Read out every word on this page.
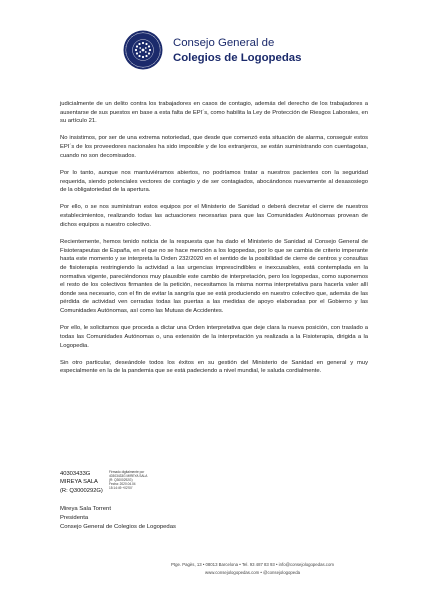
Consejo General de
Colegios de Logopedas

judicialmente de un delito contra los trabajadores en casos de contagio, además del derecho de los trabajadores a ausentarse de sus puestos en base a esta falta de EPI´s, como habilita la Ley de Protección de Riesgos Laborales, en su artículo 21.

No insistimos, por ser de una extrema notoriedad, que desde que comenzó esta situación de alarma, conseguir estos EPI´s de los proveedores nacionales ha sido imposible y de los extranjeros, se están suministrando con cuentagotas, cuando no son decomisados.

Por lo tanto, aunque nos mantuviéramos abiertos, no podríamos tratar a nuestros pacientes con la seguridad requerida, siendo potenciales vectores de contagio y de ser contagiados, abocándonos nuevamente al desasosiego de la obligatoriedad de la apertura.

Por ello, o se nos suministran estos equipos por el Ministerio de Sanidad o deberá decretar el cierre de nuestros establecimientos, realizando todas las actuaciones necesarias para que las Comunidades Autónomas provean de dichos equipos a nuestro colectivo.

Recientemente, hemos tenido noticia de la respuesta que ha dado el Ministerio de Sanidad al Consejo General de Fisioterapeutas de España, en el que no se hace mención a los logopedas, por lo que se cambia de criterio imperante hasta este momento y se interpreta la Orden 232/2020 en el sentido de la posibilidad de cierre de centros y consultas de fisioterapia restringiendo la actividad a las urgencias imprescindibles e inexcusables, está contemplada en la normativa vigente, pareciéndonos muy plausible este cambio de interpretación, pero los logopedas, como suponemos el resto de los colectivos firmantes de la petición, necesitamos la misma norma interpretativa para hacerla valer allí donde sea necesario, con el fin de evitar la sangría que se está produciendo en nuestro colectivo que, además de las pérdida de actividad ven cerradas todas las puertas a las medidas de apoyo elaboradas por el Gobierno y las Comunidades Autónomas, así como las Mutuas de Accidentes.

Por ello, le solicitamos que proceda a dictar una Orden interpretativa que deje clara la nueva posición, con traslado a todas las Comunidades Autónomas o, una extensión de la interpretación ya realizada a la Fisioterapia, dirigida a la Logopedia.

Sin otro particular, deseándole todos los éxitos en su gestión del Ministerio de Sanidad en general y muy especialmente en la de la pandemia que se está padeciendo a nivel mundial, le saluda cordialmente.

40303433G
MIREYA SALA
(R: Q3000292G)
Firmado digitalmente por
40303433G MIREYA SALA
(R: Q3000292G)
Fecha: 2020.04.04
15:14:49 +02'00'
Mireya Sala Torrent
Presidenta
Consejo General de Colegios de Logopedas
Ptge. Pagès, 13 • 08013 Barcelona • Tel. 93 487 83 93 • info@consejologopedas.com
www.consejologopedas.com • @consejologopeda
